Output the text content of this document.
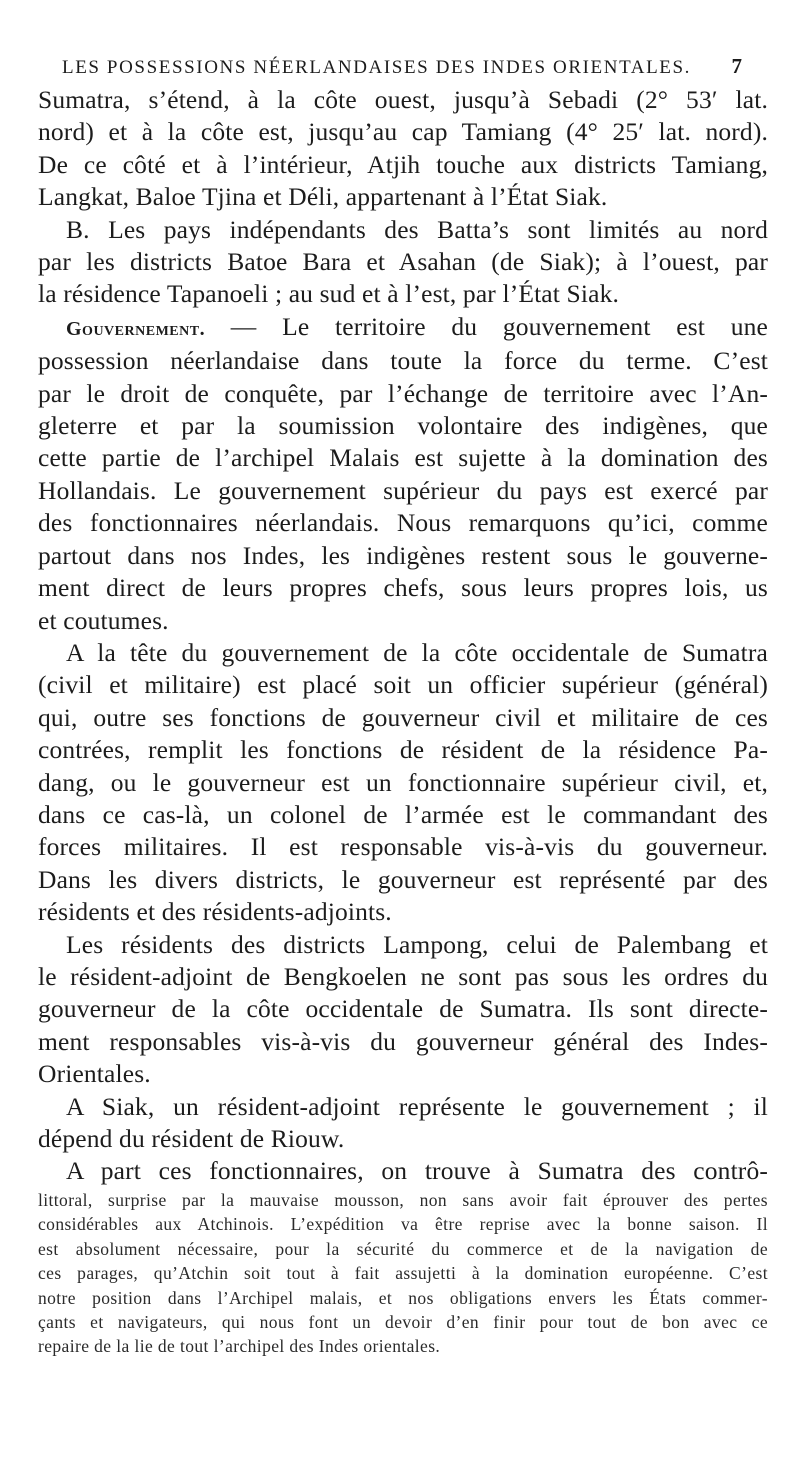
LES POSSESSIONS NÉERLANDAISES DES INDES ORIENTALES. 7
Sumatra, s’étend, à la côte ouest, jusqu’à Sebadi (2° 53′ lat.
nord) et à la côte est, jusqu’au cap Tamiang (4° 25′ lat. nord).
De ce côté et à l’intérieur, Atjih touche aux districts Tamiang,
Langkat, Baloe Tjina et Déli, appartenant à l’État Siak.
B. Les pays indépendants des Batta’s sont limités au nord
par les districts Batoe Bara et Asahan (de Siak); à l’ouest, par
la résidence Tapanoeli ; au sud et à l’est, par l’État Siak.
Gouvernement. — Le territoire du gouvernement est une
possession néerlandaise dans toute la force du terme. C’est
par le droit de conquête, par l’échange de territoire avec l’An-
gleterre et par la soumission volontaire des indigènes, que
cette partie de l’archipel Malais est sujette à la domination des
Hollandais. Le gouvernement supérieur du pays est exercé par
des fonctionnaires néerlandais. Nous remarquons qu’ici, comme
partout dans nos Indes, les indigènes restent sous le gouverne-
ment direct de leurs propres chefs, sous leurs propres lois, us
et coutumes.
A la tête du gouvernement de la côte occidentale de Sumatra
(civil et militaire) est placé soit un officier supérieur (général)
qui, outre ses fonctions de gouverneur civil et militaire de ces
contrées, remplit les fonctions de résident de la résidence Pa-
dang, ou le gouverneur est un fonctionnaire supérieur civil, et,
dans ce cas-là, un colonel de l’armée est le commandant des
forces militaires. Il est responsable vis-à-vis du gouverneur.
Dans les divers districts, le gouverneur est représenté par des
résidents et des résidents-adjoints.
Les résidents des districts Lampong, celui de Palembang et
le résident-adjoint de Bengkoelen ne sont pas sous les ordres du
gouverneur de la côte occidentale de Sumatra. Ils sont directe-
ment responsables vis-à-vis du gouverneur général des Indes-
Orientales.
A Siak, un résident-adjoint représente le gouvernement ; il
dépend du résident de Riouw.
A part ces fonctionnaires, on trouve à Sumatra des contrô-
littoral, surprise par la mauvaise mousson, non sans avoir fait éprouver des pertes
considérables aux Atchinois. L’expédition va être reprise avec la bonne saison. Il
est absolument nécessaire, pour la sécurité du commerce et de la navigation de
ces parages, qu’Atchin soit tout à fait assujetti à la domination européenne. C’est
notre position dans l’Archipel malais, et nos obligations envers les États commer-
çants et navigateurs, qui nous font un devoir d’en finir pour tout de bon avec ce
repaire de la lie de tout l’archipel des Indes orientales.
